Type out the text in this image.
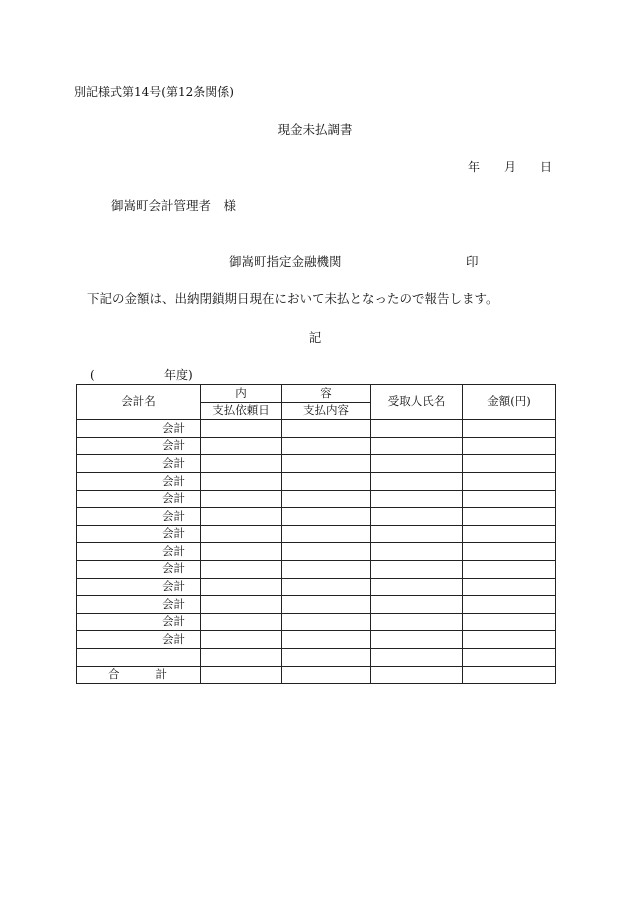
別記様式第14号(第12条関係)
現金未払調書
年 月 日
御嵩町会計管理者　様
御嵩町指定金融機関	印
下記の金額は、出納閉鎖期日現在において未払となったので報告します。
記
(	年度)
会計名	内	容	受取人氏名	金額(円)
	支払依頼日	支払内容		
会計				
会計				
会計				
会計				
会計				
会計				
会計				
会計				
会計				
会計				
会計				
会計				
会計				

合 計				
